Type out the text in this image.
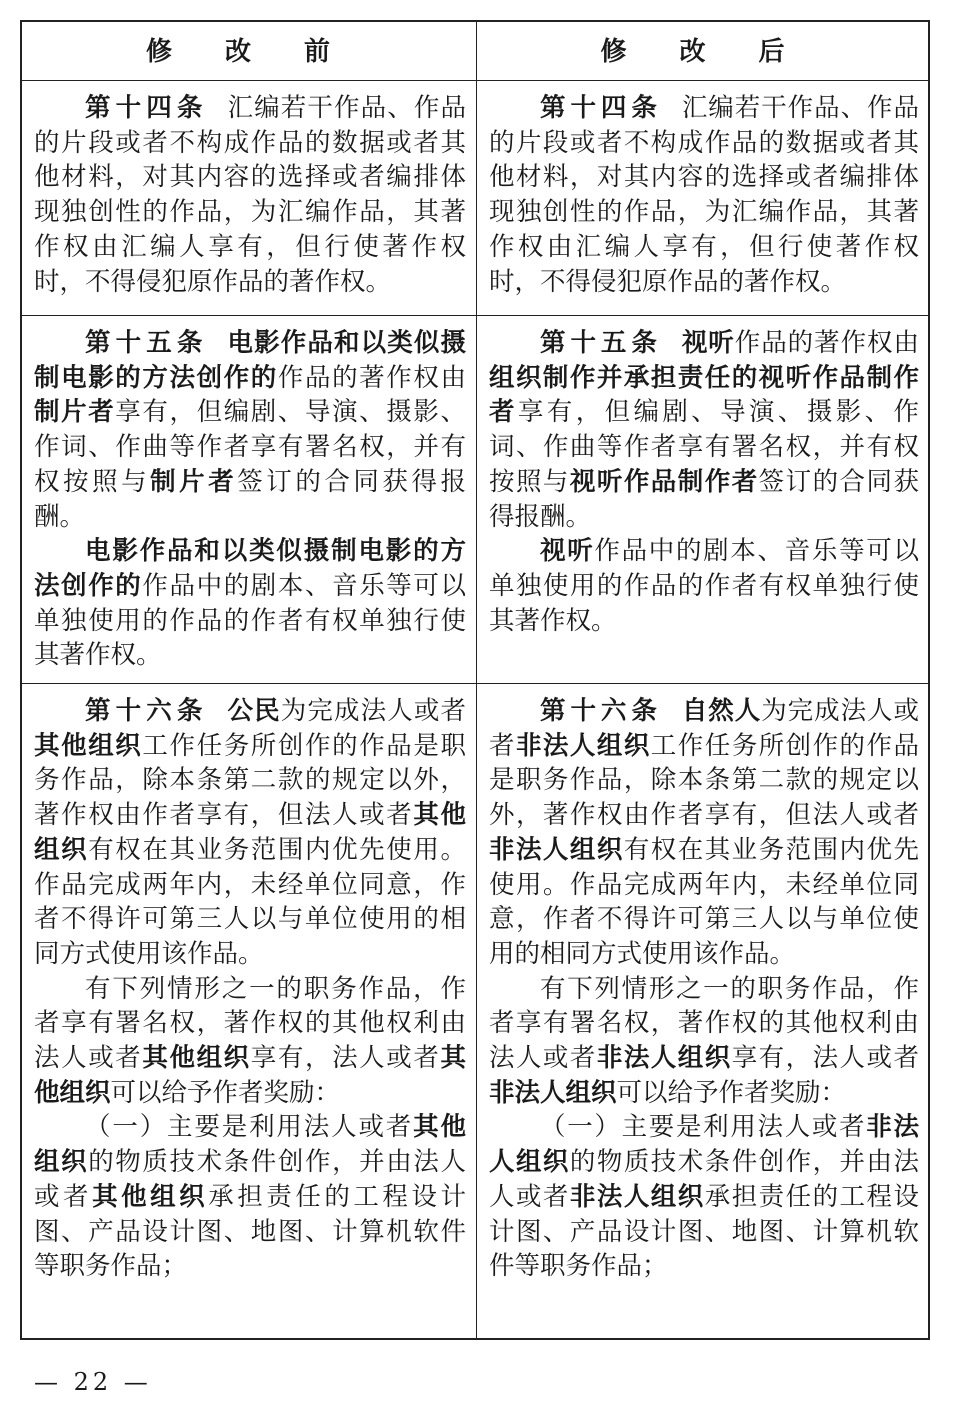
修 改 前	修 改 后

第十四条 汇编若干作品、作品的片段或者不构成作品的数据或者其他材料，对其内容的选择或者编排体现独创性的作品，为汇编作品，其著作权由汇编人享有，但行使著作权时，不得侵犯原作品的著作权。

第十四条 汇编若干作品、作品的片段或者不构成作品的数据或者其他材料，对其内容的选择或者编排体现独创性的作品，为汇编作品，其著作权由汇编人享有，但行使著作权时，不得侵犯原作品的著作权。

第十五条 电影作品和以类似摄制电影的方法创作的作品的著作权由制片者享有，但编剧、导演、摄影、作词、作曲等作者享有署名权，并有权按照与制片者签订的合同获得报酬。

电影作品和以类似摄制电影的方法创作的作品中的剧本、音乐等可以单独使用的作品的作者有权单独行使其著作权。

第十五条 视听作品的著作权由组织制作并承担责任的视听作品制作者享有，但编剧、导演、摄影、作词、作曲等作者享有署名权，并有权按照与视听作品制作者签订的合同获得报酬。

视听作品中的剧本、音乐等可以单独使用的作品的作者有权单独行使其著作权。

第十六条 公民为完成法人或者其他组织工作任务所创作的作品是职务作品，除本条第二款的规定以外，著作权由作者享有，但法人或者其他组织有权在其业务范围内优先使用。作品完成两年内，未经单位同意，作者不得许可第三人以与单位使用的相同方式使用该作品。

有下列情形之一的职务作品，作者享有署名权，著作权的其他权利由法人或者其他组织享有，法人或者其他组织可以给予作者奖励：

（一）主要是利用法人或者其他组织的物质技术条件创作，并由法人或者其他组织承担责任的工程设计图、产品设计图、地图、计算机软件等职务作品；

第十六条 自然人为完成法人或者非法人组织工作任务所创作的作品是职务作品，除本条第二款的规定以外，著作权由作者享有，但法人或者非法人组织有权在其业务范围内优先使用。作品完成两年内，未经单位同意，作者不得许可第三人以与单位使用的相同方式使用该作品。

有下列情形之一的职务作品，作者享有署名权，著作权的其他权利由法人或者非法人组织享有，法人或者非法人组织可以给予作者奖励：

（一）主要是利用法人或者非法人组织的物质技术条件创作，并由法人或者非法人组织承担责任的工程设计图、产品设计图、地图、计算机软件等职务作品；

— 22 —
